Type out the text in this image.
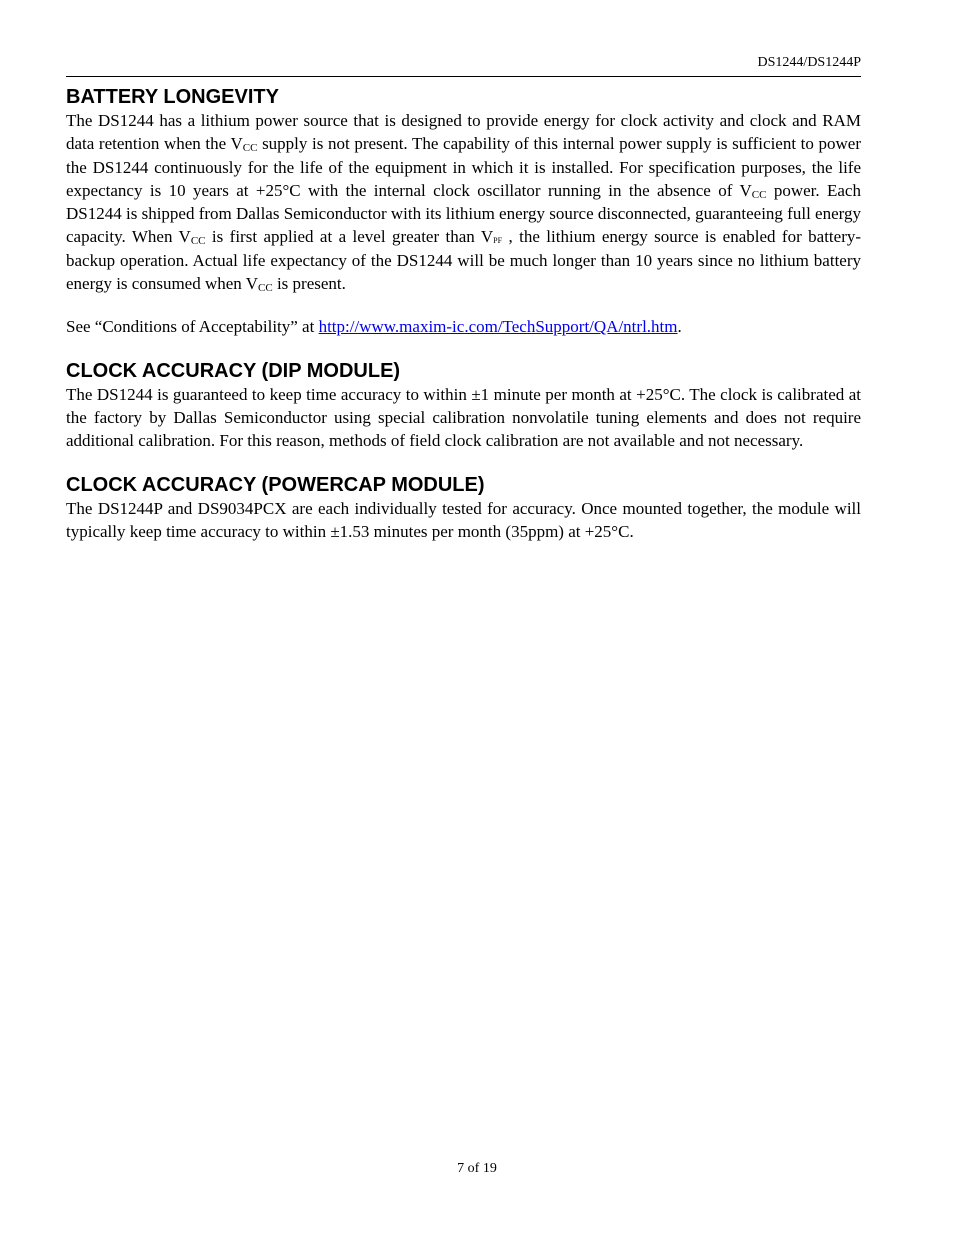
DS1244/DS1244P
BATTERY LONGEVITY

The DS1244 has a lithium power source that is designed to provide energy for clock activity and clock and RAM data retention when the VCC supply is not present. The capability of this internal power supply is sufficient to power the DS1244 continuously for the life of the equipment in which it is installed. For specification purposes, the life expectancy is 10 years at +25°C with the internal clock oscillator running in the absence of VCC power. Each DS1244 is shipped from Dallas Semiconductor with its lithium energy source disconnected, guaranteeing full energy capacity. When VCC is first applied at a level greater than VPF , the lithium energy source is enabled for battery-backup operation. Actual life expectancy of the DS1244 will be much longer than 10 years since no lithium battery energy is consumed when VCC is present.

See “Conditions of Acceptability” at http://www.maxim-ic.com/TechSupport/QA/ntrl.htm.

CLOCK ACCURACY (DIP MODULE)

The DS1244 is guaranteed to keep time accuracy to within ±1 minute per month at +25°C. The clock is calibrated at the factory by Dallas Semiconductor using special calibration nonvolatile tuning elements and does not require additional calibration. For this reason, methods of field clock calibration are not available and not necessary.

CLOCK ACCURACY (POWERCAP MODULE)

The DS1244P and DS9034PCX are each individually tested for accuracy. Once mounted together, the module will typically keep time accuracy to within ±1.53 minutes per month (35ppm) at +25°C.

7 of 19
